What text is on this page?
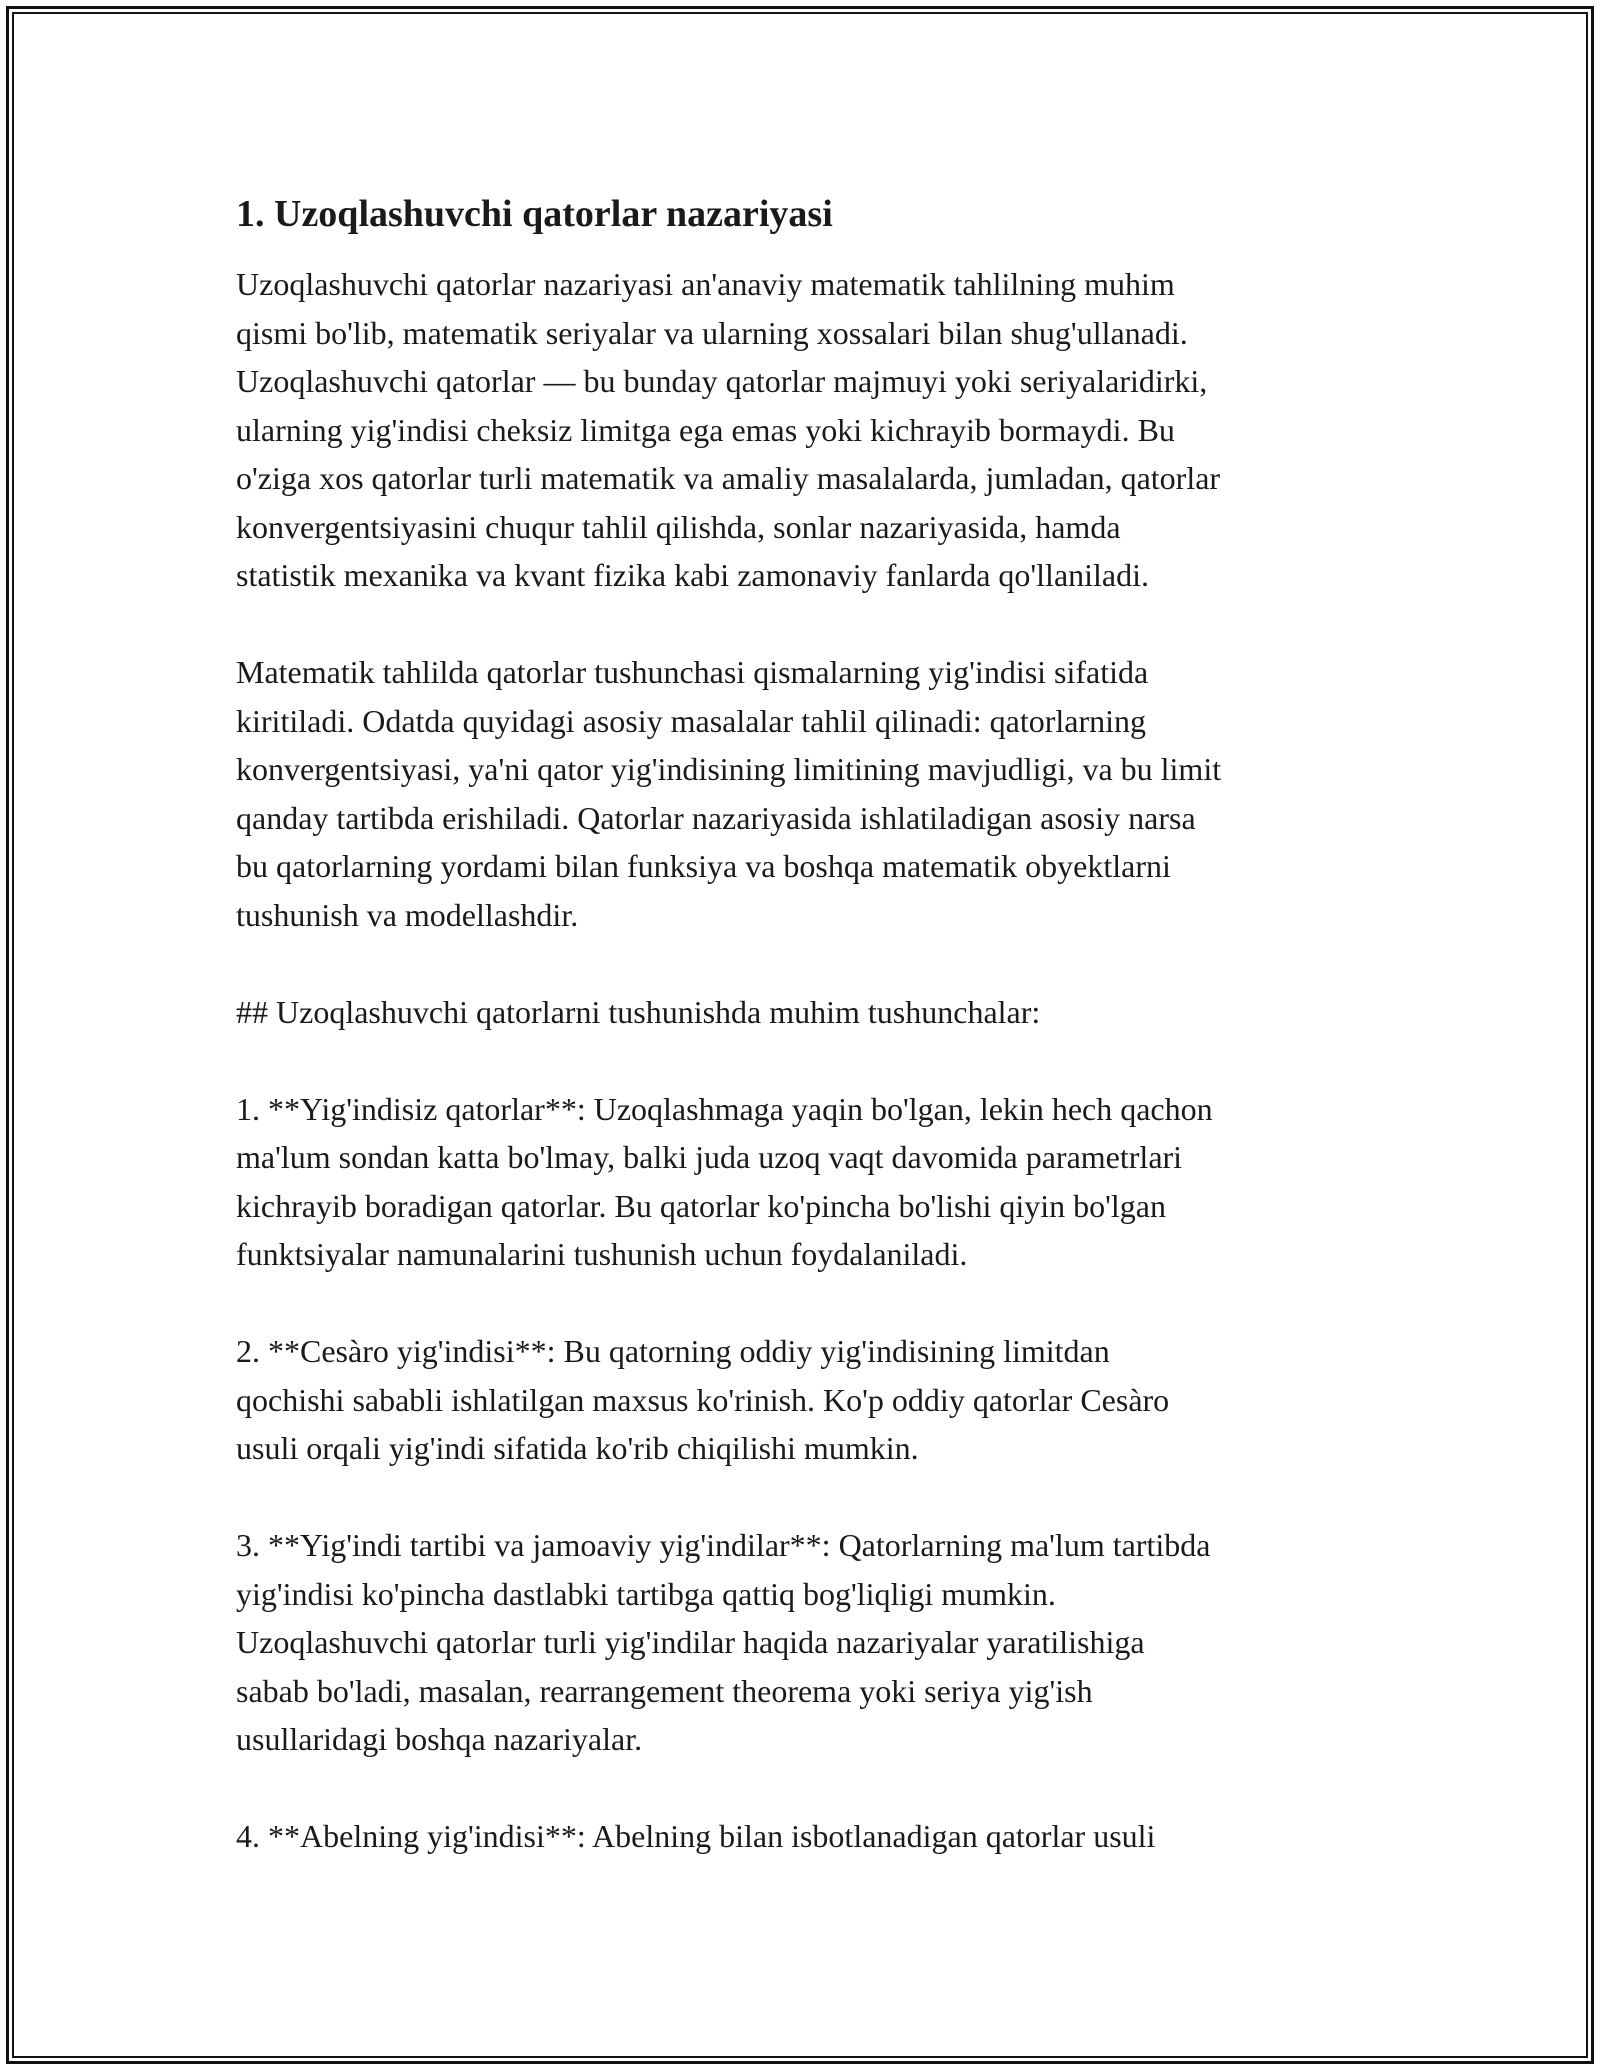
1. Uzoqlashuvchi qatorlar nazariyasi

Uzoqlashuvchi qatorlar nazariyasi an'anaviy matematik tahlilning muhim
qismi bo'lib, matematik seriyalar va ularning xossalari bilan shug'ullanadi.
Uzoqlashuvchi qatorlar — bu bunday qatorlar majmuyi yoki seriyalaridirki,
ularning yig'indisi cheksiz limitga ega emas yoki kichrayib bormaydi. Bu
o'ziga xos qatorlar turli matematik va amaliy masalalarda, jumladan, qatorlar
konvergentsiyasini chuqur tahlil qilishda, sonlar nazariyasida, hamda
statistik mexanika va kvant fizika kabi zamonaviy fanlarda qo'llaniladi.

Matematik tahlilda qatorlar tushunchasi qismalarning yig'indisi sifatida
kiritiladi. Odatda quyidagi asosiy masalalar tahlil qilinadi: qatorlarning
konvergentsiyasi, ya'ni qator yig'indisining limitining mavjudligi, va bu limit
qanday tartibda erishiladi. Qatorlar nazariyasida ishlatiladigan asosiy narsa
bu qatorlarning yordami bilan funksiya va boshqa matematik obyektlarni
tushunish va modellashdir.

## Uzoqlashuvchi qatorlarni tushunishda muhim tushunchalar:

1. **Yig'indisiz qatorlar**: Uzoqlashmaga yaqin bo'lgan, lekin hech qachon
ma'lum sondan katta bo'lmay, balki juda uzoq vaqt davomida parametrlari
kichrayib boradigan qatorlar. Bu qatorlar ko'pincha bo'lishi qiyin bo'lgan
funktsiyalar namunalarini tushunish uchun foydalaniladi.

2. **Cesàro yig'indisi**: Bu qatorning oddiy yig'indisining limitdan
qochishi sababli ishlatilgan maxsus ko'rinish. Ko'p oddiy qatorlar Cesàro
usuli orqali yig'indi sifatida ko'rib chiqilishi mumkin.

3. **Yig'indi tartibi va jamoaviy yig'indilar**: Qatorlarning ma'lum tartibda
yig'indisi ko'pincha dastlabki tartibga qattiq bog'liqligi mumkin.
Uzoqlashuvchi qatorlar turli yig'indilar haqida nazariyalar yaratilishiga
sabab bo'ladi, masalan, rearrangement theorema yoki seriya yig'ish
usullaridagi boshqa nazariyalar.

4. **Abelning yig'indisi**: Abelning bilan isbotlanadigan qatorlar usuli
